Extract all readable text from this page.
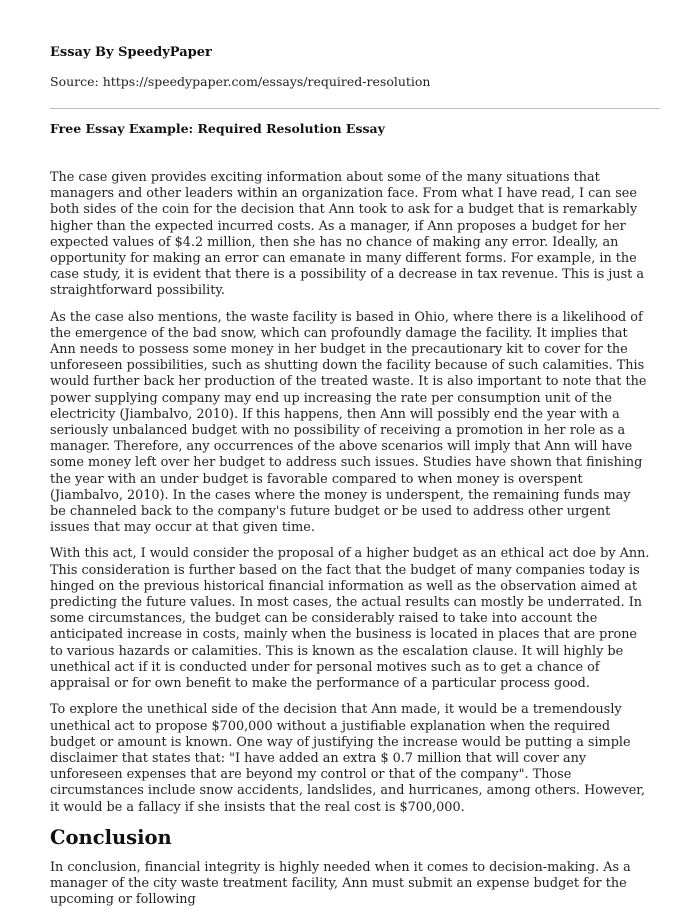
Essay By SpeedyPaper
Source: https://speedypaper.com/essays/required-resolution
Free Essay Example: Required Resolution Essay

The case given provides exciting information about some of the many situations that managers and other leaders within an organization face. From what I have read, I can see both sides of the coin for the decision that Ann took to ask for a budget that is remarkably higher than the expected incurred costs. As a manager, if Ann proposes a budget for her expected values of $4.2 million, then she has no chance of making any error. Ideally, an opportunity for making an error can emanate in many different forms. For example, in the case study, it is evident that there is a possibility of a decrease in tax revenue. This is just a straightforward possibility.

As the case also mentions, the waste facility is based in Ohio, where there is a likelihood of the emergence of the bad snow, which can profoundly damage the facility. It implies that Ann needs to possess some money in her budget in the precautionary kit to cover for the unforeseen possibilities, such as shutting down the facility because of such calamities. This would further back her production of the treated waste. It is also important to note that the power supplying company may end up increasing the rate per consumption unit of the electricity (Jiambalvo, 2010). If this happens, then Ann will possibly end the year with a seriously unbalanced budget with no possibility of receiving a promotion in her role as a manager. Therefore, any occurrences of the above scenarios will imply that Ann will have some money left over her budget to address such issues. Studies have shown that finishing the year with an under budget is favorable compared to when money is overspent (Jiambalvo, 2010). In the cases where the money is underspent, the remaining funds may be channeled back to the company's future budget or be used to address other urgent issues that may occur at that given time.

With this act, I would consider the proposal of a higher budget as an ethical act doe by Ann. This consideration is further based on the fact that the budget of many companies today is hinged on the previous historical financial information as well as the observation aimed at predicting the future values. In most cases, the actual results can mostly be underrated. In some circumstances, the budget can be considerably raised to take into account the anticipated increase in costs, mainly when the business is located in places that are prone to various hazards or calamities. This is known as the escalation clause. It will highly be unethical act if it is conducted under for personal motives such as to get a chance of appraisal or for own benefit to make the performance of a particular process good.

To explore the unethical side of the decision that Ann made, it would be a tremendously unethical act to propose $700,000 without a justifiable explanation when the required budget or amount is known. One way of justifying the increase would be putting a simple disclaimer that states that: "I have added an extra $ 0.7 million that will cover any unforeseen expenses that are beyond my control or that of the company". Those circumstances include snow accidents, landslides, and hurricanes, among others. However, it would be a fallacy if she insists that the real cost is $700,000.

Conclusion

In conclusion, financial integrity is highly needed when it comes to decision-making. As a manager of the city waste treatment facility, Ann must submit an expense budget for the upcoming or following
